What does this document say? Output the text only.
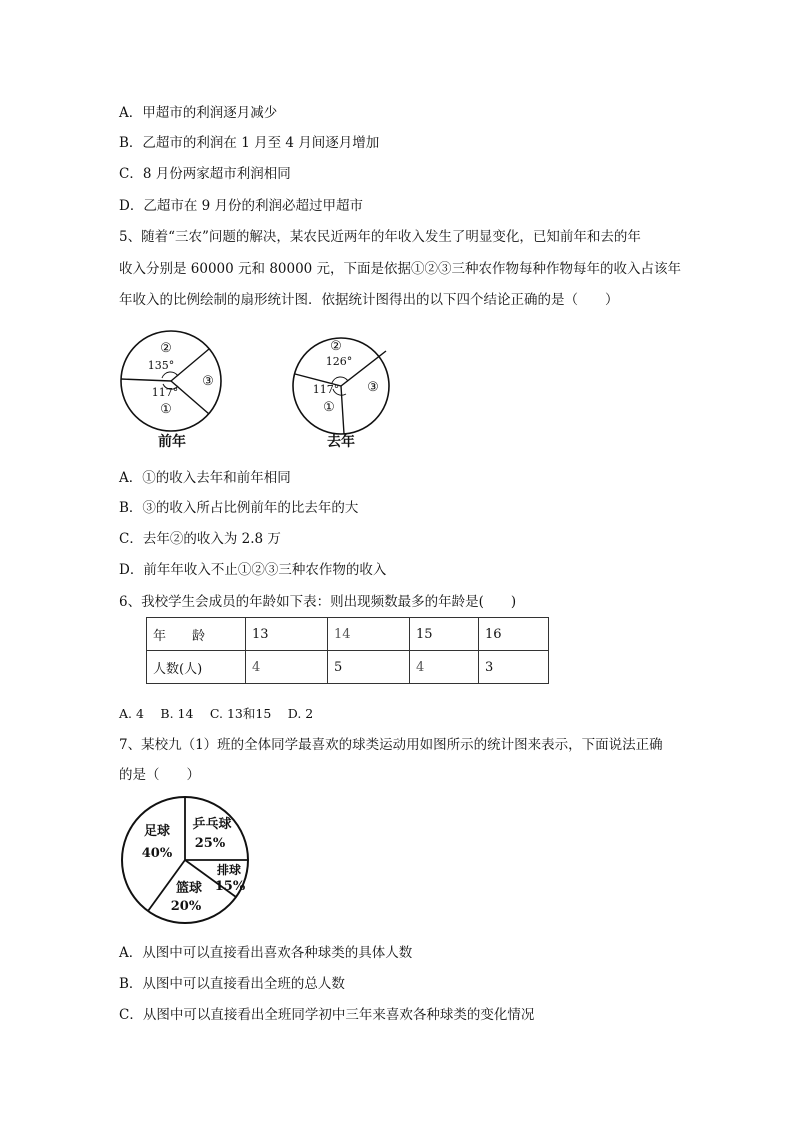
A．甲超市的利润逐月减少
B．乙超市的利润在 1 月至 4 月间逐月增加
C．8 月份两家超市利润相同
D．乙超市在 9 月份的利润必超过甲超市
5、随着“三农”问题的解决，某农民近两年的年收入发生了明显变化，已知前年和去的年
收入分别是 60000 元和 80000 元，下面是依据①②③三种农作物每种作物每年的收入占该年
年收入的比例绘制的扇形统计图．依据统计图得出的以下四个结论正确的是（　　）
②
135°
③
117°
①
前年
②
126°
③
117°
①
去年
A．①的收入去年和前年相同
B．③的收入所占比例前年的比去年的大
C．去年②的收入为 2.8 万
D．前年年收入不止①②③三种农作物的收入
6、我校学生会成员的年龄如下表：则出现频数最多的年龄是(　　)
年　　龄	13	14	15	16
人数(人)	4	5	4	3
A. 4　 B. 14　 C. 13和15　 D. 2
7、某校九（1）班的全体同学最喜欢的球类运动用如图所示的统计图来表示，下面说法正确
的是（　　）
足球
40%
乒乓球
25%
排球
15%
篮球
20%
A．从图中可以直接看出喜欢各种球类的具体人数
B．从图中可以直接看出全班的总人数
C．从图中可以直接看出全班同学初中三年来喜欢各种球类的变化情况
